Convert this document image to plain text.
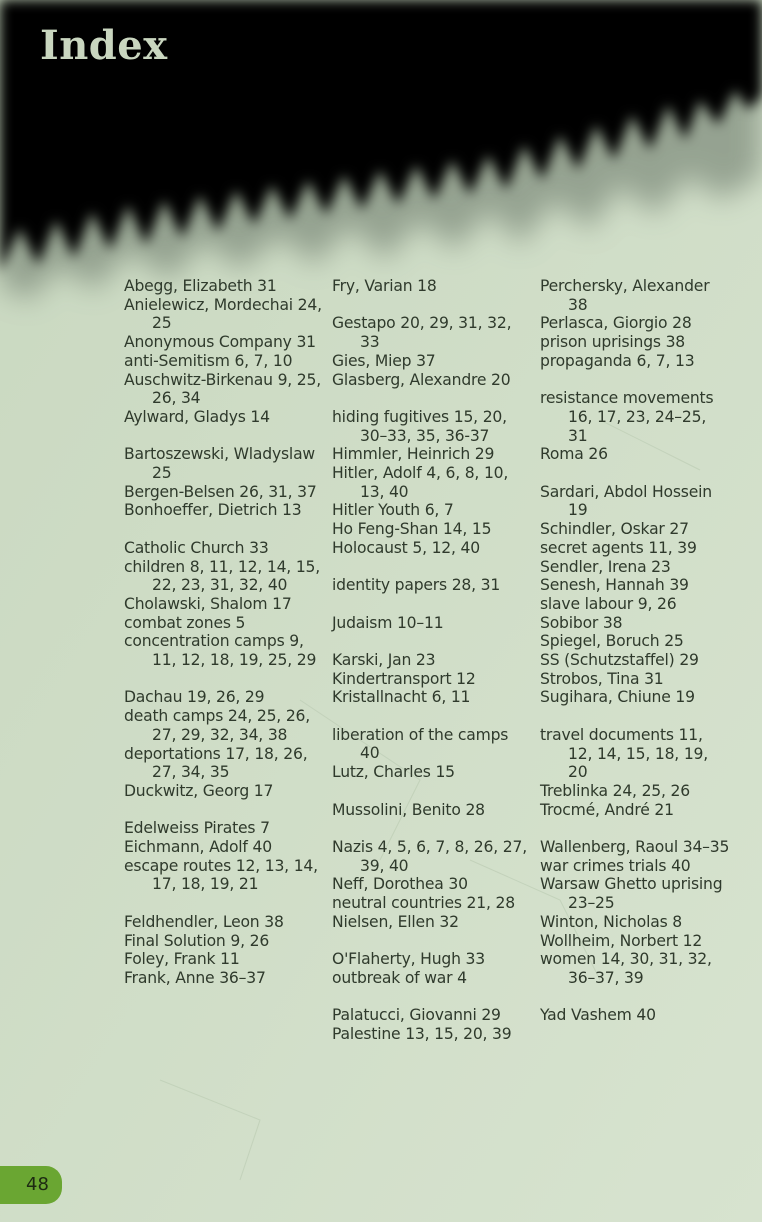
Index
Abegg, Elizabeth 31
Anielewicz, Mordechai 24, 25
Anonymous Company 31
anti-Semitism 6, 7, 10
Auschwitz-Birkenau 9, 25, 26, 34
Aylward, Gladys 14
Bartoszewski, Wladyslaw 25
Bergen-Belsen 26, 31, 37
Bonhoeffer, Dietrich 13
Catholic Church 33
children 8, 11, 12, 14, 15, 22, 23, 31, 32, 40
Cholawski, Shalom 17
combat zones 5
concentration camps 9, 11, 12, 18, 19, 25, 29
Dachau 19, 26, 29
death camps 24, 25, 26, 27, 29, 32, 34, 38
deportations 17, 18, 26, 27, 34, 35
Duckwitz, Georg 17
Edelweiss Pirates 7
Eichmann, Adolf 40
escape routes 12, 13, 14, 17, 18, 19, 21
Feldhendler, Leon 38
Final Solution 9, 26
Foley, Frank 11
Frank, Anne 36–37
Fry, Varian 18
Gestapo 20, 29, 31, 32, 33
Gies, Miep 37
Glasberg, Alexandre 20
hiding fugitives 15, 20, 30–33, 35, 36-37
Himmler, Heinrich 29
Hitler, Adolf 4, 6, 8, 10, 13, 40
Hitler Youth 6, 7
Ho Feng-Shan 14, 15
Holocaust 5, 12, 40
identity papers 28, 31
Judaism 10–11
Karski, Jan 23
Kindertransport 12
Kristallnacht 6, 11
liberation of the camps 40
Lutz, Charles 15
Mussolini, Benito 28
Nazis 4, 5, 6, 7, 8, 26, 27, 39, 40
Neff, Dorothea 30
neutral countries 21, 28
Nielsen, Ellen 32
O'Flaherty, Hugh 33
outbreak of war 4
Palatucci, Giovanni 29
Palestine 13, 15, 20, 39
Perchersky, Alexander 38
Perlasca, Giorgio 28
prison uprisings 38
propaganda 6, 7, 13
resistance movements 16, 17, 23, 24–25, 31
Roma 26
Sardari, Abdol Hossein 19
Schindler, Oskar 27
secret agents 11, 39
Sendler, Irena 23
Senesh, Hannah 39
slave labour 9, 26
Sobibor 38
Spiegel, Boruch 25
SS (Schutzstaffel) 29
Strobos, Tina 31
Sugihara, Chiune 19
travel documents 11, 12, 14, 15, 18, 19, 20
Treblinka 24, 25, 26
Trocmé, André 21
Wallenberg, Raoul 34–35
war crimes trials 40
Warsaw Ghetto uprising 23–25
Winton, Nicholas 8
Wollheim, Norbert 12
women 14, 30, 31, 32, 36–37, 39
Yad Vashem 40
48
